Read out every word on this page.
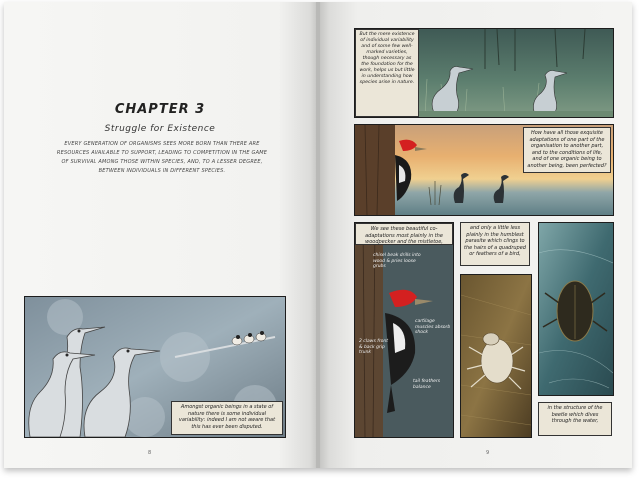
CHAPTER 3
Struggle for Existence
EVERY GENERATION OF ORGANISMS SEES MORE BORN THAN THERE ARE RESOURCES AVAILABLE TO SUPPORT, LEADING TO COMPETITION IN THE GAME OF SURVIVAL AMONG THOSE WITHIN SPECIES, AND, TO A LESSER DEGREE, BETWEEN INDIVIDUALS IN DIFFERENT SPECIES.
Amongst organic beings in a state of nature there is some individual variability: indeed I am not aware that this has ever been disputed.
8
But the mere existence of individual variability and of some few well-marked varieties, though necessary as the foundation for the work, helps us but little in understanding how species arise in nature.
How have all those exquisite adaptations of one part of the organisation to another part, and to the conditions of life, and of one organic being to another being, been perfected?
We see these beautiful co-adaptations most plainly in the woodpecker and the mistletoe,
chisel beak drills into wood & pries loose grubs
2 claws front & back grip trunk
cartilage muscles absorb shock
tail feathers balance
and only a little less plainly in the humblest parasite which clings to the hairs of a quadruped or feathers of a bird,
in the structure of the beetle which dives through the water,
9
